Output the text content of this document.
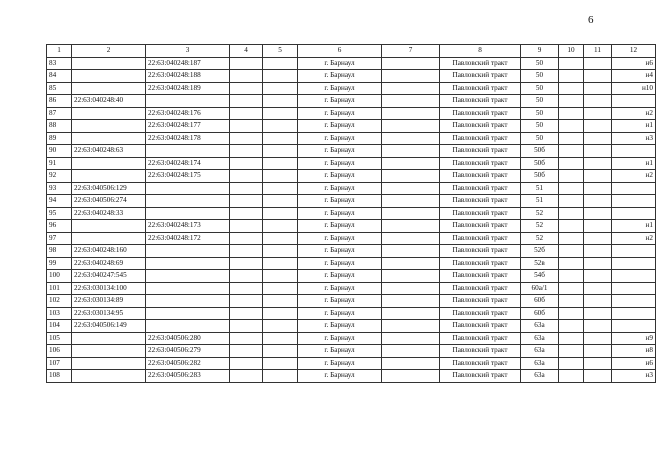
6
1	2	3	4	5	6	7	8	9	10	11	12
83		22:63:040248:187			г. Барнаул		Павловский тракт	50			н6
84		22:63:040248:188			г. Барнаул		Павловский тракт	50			н4
85		22:63:040248:189			г. Барнаул		Павловский тракт	50			н10
86	22:63:040248:40				г. Барнаул		Павловский тракт	50			
87		22:63:040248:176			г. Барнаул		Павловский тракт	50			н2
88		22:63:040248:177			г. Барнаул		Павловский тракт	50			н1
89		22:63:040248:178			г. Барнаул		Павловский тракт	50			н3
90	22:63:040248:63				г. Барнаул		Павловский тракт	50б			
91		22:63:040248:174			г. Барнаул		Павловский тракт	50б			н1
92		22:63:040248:175			г. Барнаул		Павловский тракт	50б			н2
93	22:63:040506:129				г. Барнаул		Павловский тракт	51			
94	22:63:040506:274				г. Барнаул		Павловский тракт	51			
95	22:63:040248:33				г. Барнаул		Павловский тракт	52			
96		22:63:040248:173			г. Барнаул		Павловский тракт	52			н1
97		22:63:040248:172			г. Барнаул		Павловский тракт	52			н2
98	22:63:040248:160				г. Барнаул		Павловский тракт	52б			
99	22:63:040248:69				г. Барнаул		Павловский тракт	52в			
100	22:63:040247:545				г. Барнаул		Павловский тракт	54б			
101	22:63:030134:100				г. Барнаул		Павловский тракт	60а/1			
102	22:63:030134:89				г. Барнаул		Павловский тракт	60б			
103	22:63:030134:95				г. Барнаул		Павловский тракт	60б			
104	22:63:040506:149				г. Барнаул		Павловский тракт	63а			
105		22:63:040506:280			г. Барнаул		Павловский тракт	63а			н9
106		22:63:040506:279			г. Барнаул		Павловский тракт	63а			н8
107		22:63:040506:282			г. Барнаул		Павловский тракт	63а			н6
108		22:63:040506:283			г. Барнаул		Павловский тракт	63а			н3
